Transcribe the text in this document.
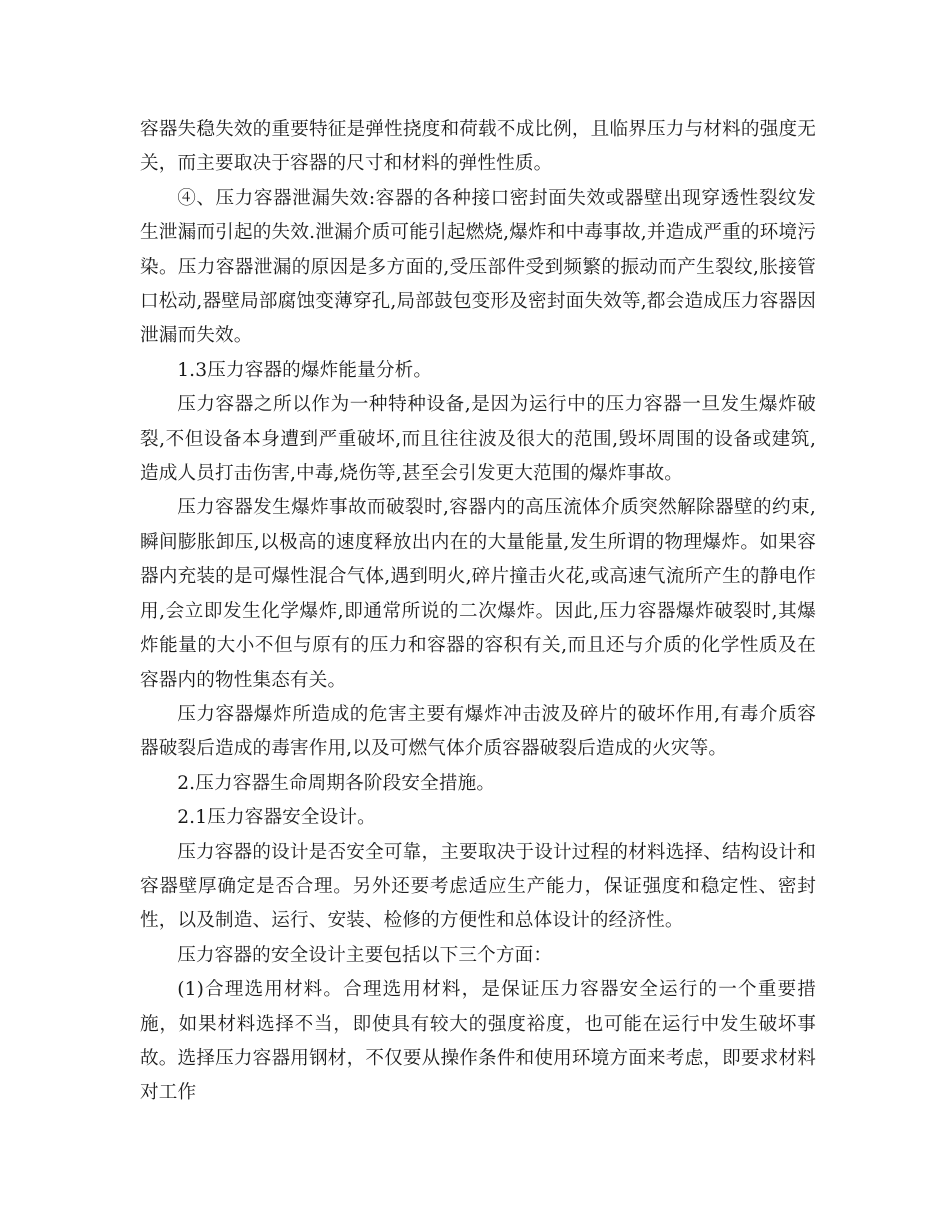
容器失稳失效的重要特征是弹性挠度和荷载不成比例，且临界压力与材料的强度无关，而主要取决于容器的尺寸和材料的弹性性质。

④、压力容器泄漏失效:容器的各种接口密封面失效或器壁出现穿透性裂纹发生泄漏而引起的失效.泄漏介质可能引起燃烧,爆炸和中毒事故,并造成严重的环境污染。压力容器泄漏的原因是多方面的,受压部件受到频繁的振动而产生裂纹,胀接管口松动,器壁局部腐蚀变薄穿孔,局部鼓包变形及密封面失效等,都会造成压力容器因泄漏而失效。

1.3压力容器的爆炸能量分析。

压力容器之所以作为一种特种设备,是因为运行中的压力容器一旦发生爆炸破裂,不但设备本身遭到严重破坏,而且往往波及很大的范围,毁坏周围的设备或建筑,造成人员打击伤害,中毒,烧伤等,甚至会引发更大范围的爆炸事故。

压力容器发生爆炸事故而破裂时,容器内的高压流体介质突然解除器壁的约束,瞬间膨胀卸压,以极高的速度释放出内在的大量能量,发生所谓的物理爆炸。如果容器内充装的是可爆性混合气体,遇到明火,碎片撞击火花,或高速气流所产生的静电作用,会立即发生化学爆炸,即通常所说的二次爆炸。因此,压力容器爆炸破裂时,其爆炸能量的大小不但与原有的压力和容器的容积有关,而且还与介质的化学性质及在容器内的物性集态有关。

压力容器爆炸所造成的危害主要有爆炸冲击波及碎片的破坏作用,有毒介质容器破裂后造成的毒害作用,以及可燃气体介质容器破裂后造成的火灾等。

2.压力容器生命周期各阶段安全措施。

2.1压力容器安全设计。

压力容器的设计是否安全可靠，主要取决于设计过程的材料选择、结构设计和容器壁厚确定是否合理。另外还要考虑适应生产能力，保证强度和稳定性、密封性，以及制造、运行、安装、检修的方便性和总体设计的经济性。

压力容器的安全设计主要包括以下三个方面：

(1)合理选用材料。合理选用材料，是保证压力容器安全运行的一个重要措施，如果材料选择不当，即使具有较大的强度裕度，也可能在运行中发生破坏事故。选择压力容器用钢材，不仅要从操作条件和使用环境方面来考虑，即要求材料对工作
